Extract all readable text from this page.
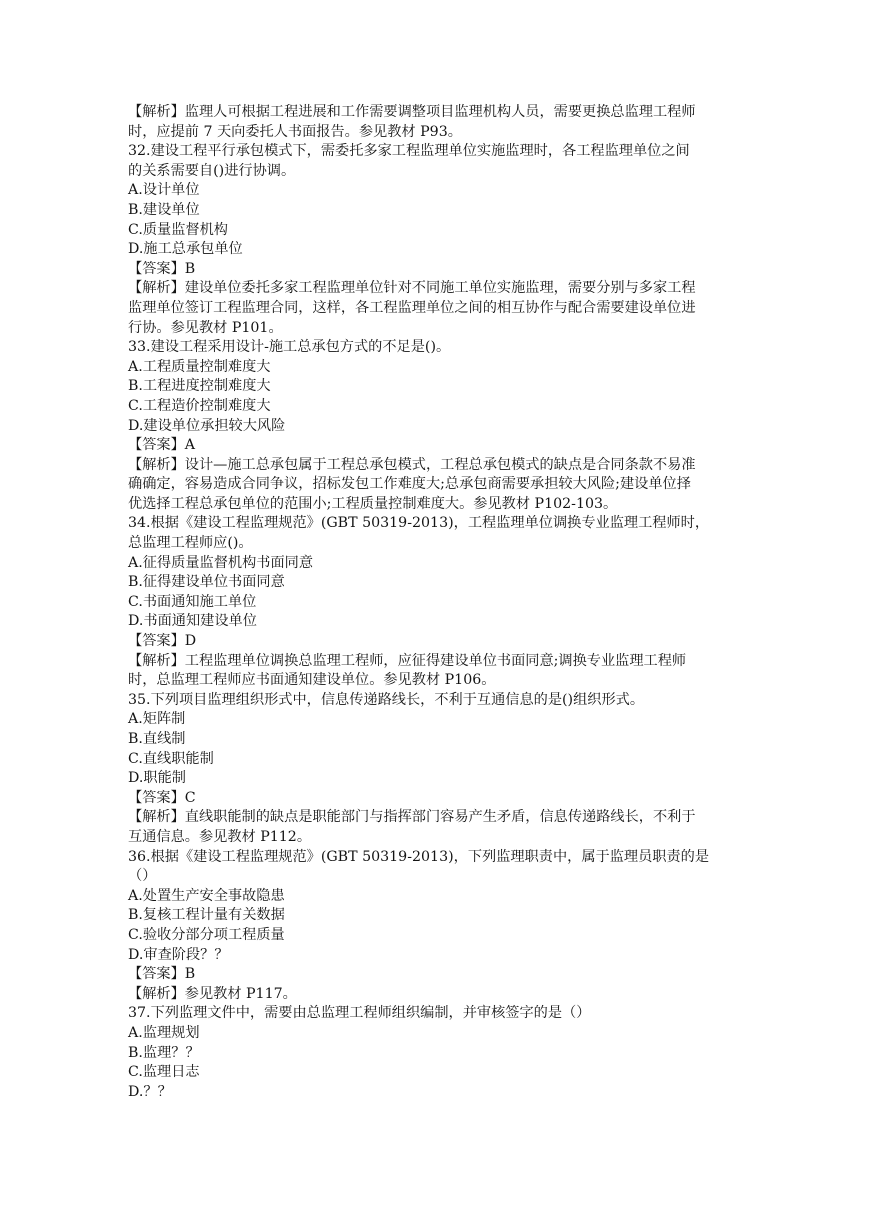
【解析】监理人可根据工程进展和工作需要调整项目监理机构人员，需要更换总监理工程师
时，应提前 7 天向委托人书面报告。参见教材 P93。
32.建设工程平行承包模式下，需委托多家工程监理单位实施监理时，各工程监理单位之间
的关系需要自()进行协调。
A.设计单位
B.建设单位
C.质量监督机构
D.施工总承包单位
【答案】B
【解析】建设单位委托多家工程监理单位针对不同施工单位实施监理，需要分别与多家工程
监理单位签订工程监理合同，这样，各工程监理单位之间的相互协作与配合需要建设单位进
行协。参见教材 P101。
33.建设工程采用设计-施工总承包方式的不足是()。
A.工程质量控制难度大
B.工程进度控制难度大
C.工程造价控制难度大
D.建设单位承担较大风险
【答案】A
【解析】设计—施工总承包属于工程总承包模式，工程总承包模式的缺点是合同条款不易准
确确定，容易造成合同争议，招标发包工作难度大;总承包商需要承担较大风险;建设单位择
优选择工程总承包单位的范围小;工程质量控制难度大。参见教材 P102-103。
34.根据《建设工程监理规范》(GBT 50319-2013)，工程监理单位调换专业监理工程师时，
总监理工程师应()。
A.征得质量监督机构书面同意
B.征得建设单位书面同意
C.书面通知施工单位
D.书面通知建设单位
【答案】D
【解析】工程监理单位调换总监理工程师，应征得建设单位书面同意;调换专业监理工程师
时，总监理工程师应书面通知建设单位。参见教材 P106。
35.下列项目监理组织形式中，信息传递路线长，不利于互通信息的是()组织形式。
A.矩阵制
B.直线制
C.直线职能制
D.职能制
【答案】C
【解析】直线职能制的缺点是职能部门与指挥部门容易产生矛盾，信息传递路线长，不利于
互通信息。参见教材 P112。
36.根据《建设工程监理规范》(GBT 50319-2013)，下列监理职责中，属于监理员职责的是
（）
A.处置生产安全事故隐患
B.复核工程计量有关数据
C.验收分部分项工程质量
D.审查阶段？？
【答案】B
【解析】参见教材 P117。
37.下列监理文件中，需要由总监理工程师组织编制，并审核签字的是（）
A.监理规划
B.监理？？
C.监理日志
D.？？
